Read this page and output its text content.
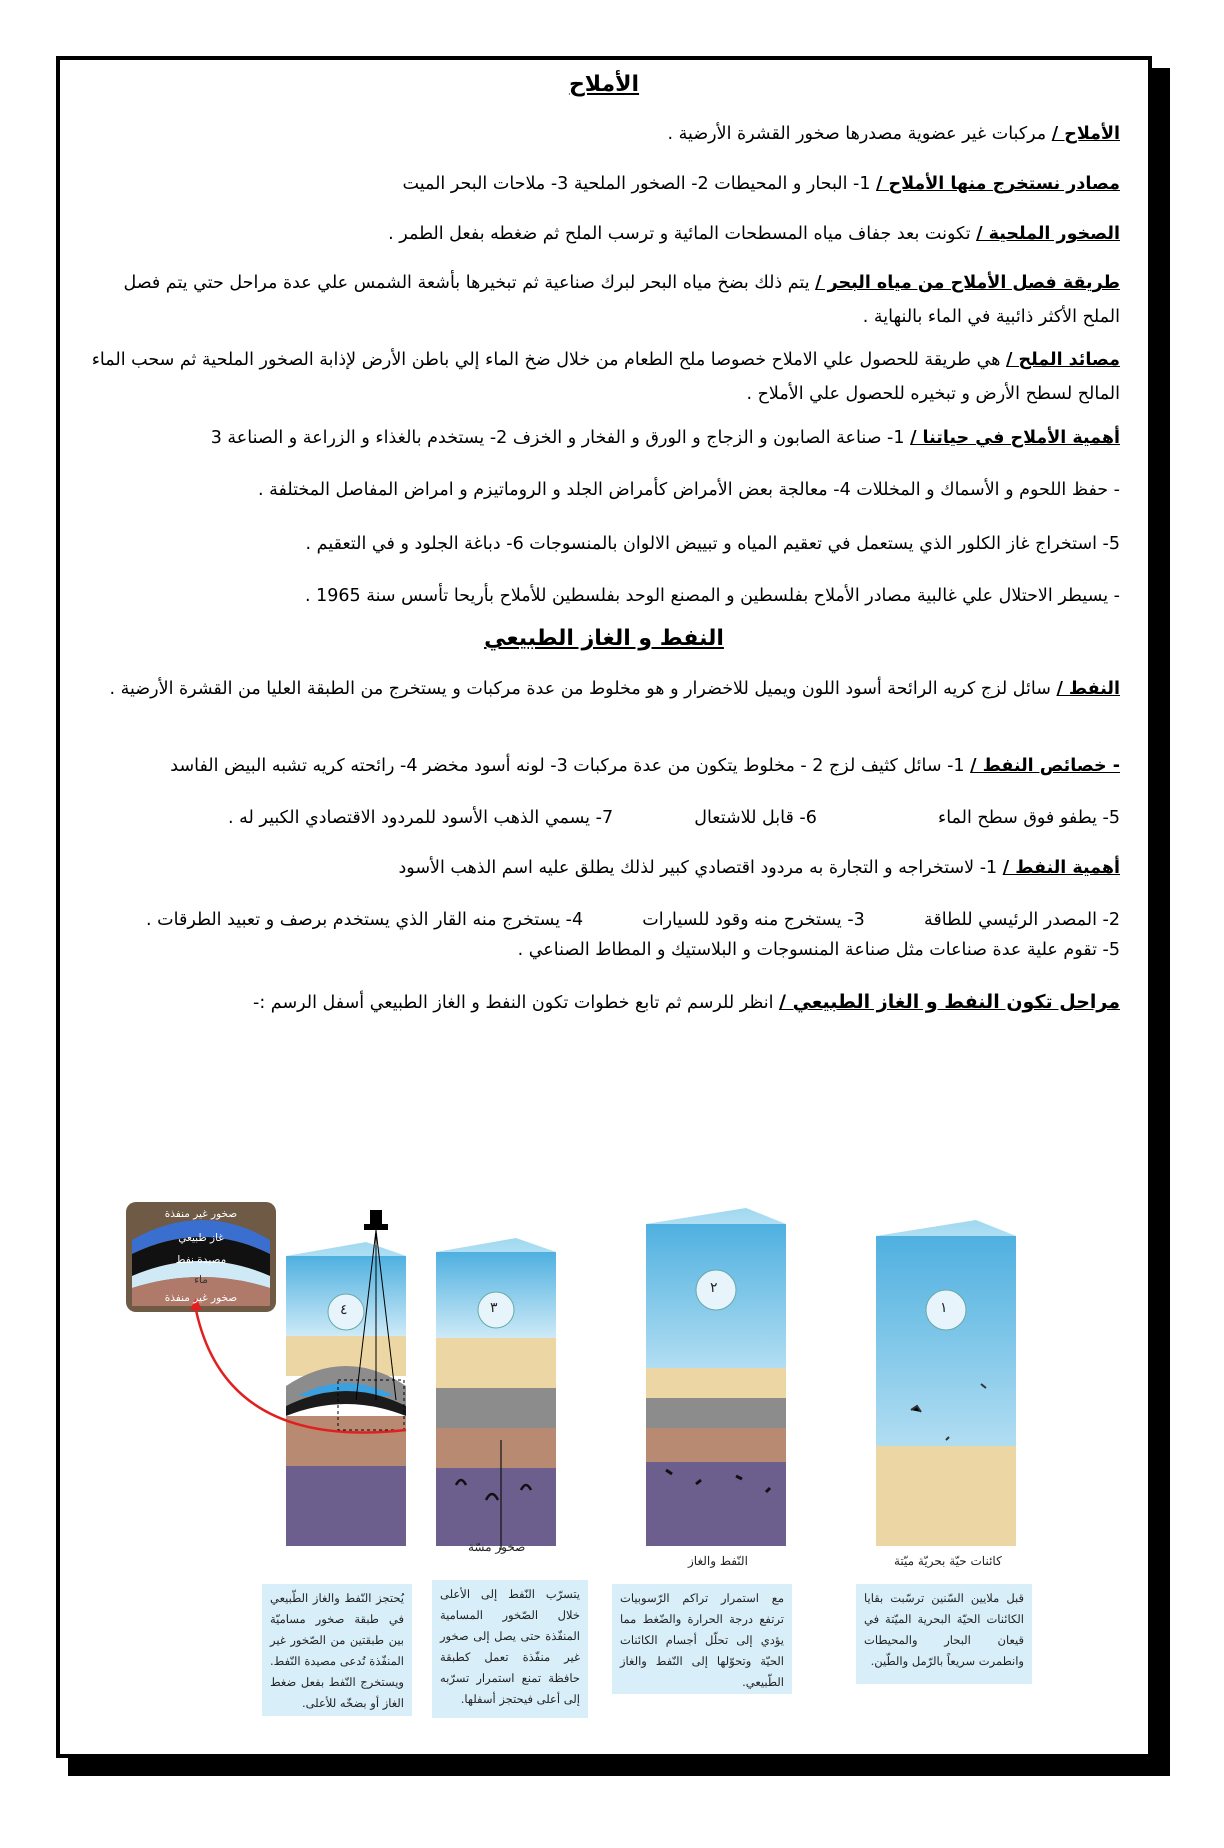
الأملاح
الأملاح / مركبات غير عضوية مصدرها صخور القشرة الأرضية .
مصادر نستخرج منها الأملاح / 1- البحار و المحيطات 2- الصخور الملحية 3- ملاحات البحر الميت
الصخور الملحية / تكونت بعد جفاف مياه المسطحات المائية و ترسب الملح ثم ضغطه بفعل الطمر .
طريقة فصل الأملاح من مياه البحر / يتم ذلك بضخ مياه البحر لبرك صناعية ثم تبخيرها بأشعة الشمس علي عدة مراحل حتي يتم فصل الملح الأكثر ذائبية في الماء بالنهاية .
مصائد الملح / هي طريقة للحصول علي الاملاح خصوصا ملح الطعام من خلال ضخ الماء إلي باطن الأرض لإذابة الصخور الملحية ثم سحب الماء المالح لسطح الأرض و تبخيره للحصول علي الأملاح .
أهمية الأملاح في حياتنا / 1- صناعة الصابون و الزجاج و الورق و الفخار و الخزف 2- يستخدم بالغذاء و الزراعة و الصناعة 3
- حفظ اللحوم و الأسماك و المخللات 4- معالجة بعض الأمراض كأمراض الجلد و الروماتيزم و امراض المفاصل المختلفة .
5- استخراج غاز الكلور الذي يستعمل في تعقيم المياه و تبييض الالوان بالمنسوجات 6- دباغة الجلود و في التعقيم .
- يسيطر الاحتلال علي غالبية مصادر الأملاح بفلسطين و المصنع الوحد بفلسطين للأملاح بأريحا تأسس سنة 1965 .
النفط و الغاز الطبيعي
النفط / سائل لزج كريه الرائحة أسود اللون ويميل للاخضرار و هو مخلوط من عدة مركبات و يستخرج من الطبقة العليا من القشرة الأرضية .
- خصائص النفط / 1- سائل كثيف لزج 2 - مخلوط يتكون من عدة مركبات 3- لونه أسود مخضر 4- رائحته كريه تشبه البيض الفاسد
5- يطفو فوق سطح الماء  6- قابل للاشتعال  7- يسمي الذهب الأسود للمردود الاقتصادي الكبير له .
أهمية النفط / 1- لاستخراجه و التجارة به مردود اقتصادي كبير لذلك يطلق عليه اسم الذهب الأسود
2- المصدر الرئيسي للطاقة  3- يستخرج منه وقود للسيارات  4- يستخرج منه القار الذي يستخدم برصف و تعبيد الطرقات .
5- تقوم علية عدة صناعات مثل صناعة المنسوجات و البلاستيك و المطاط الصناعي .
مراحل تكون النفط و الغاز الطبيعي / انظر للرسم ثم تابع خطوات تكون النفط و الغاز الطبيعي أسفل الرسم :-
١
٢
٣
٤
صخور غير منفذة
غاز طبيعي
مصيدة نفط
ماء
صخور غير منفذة
كائنات حيّة بحريّة ميّتة
النّفط والغاز
صخور مسّة
قبل ملايين السّنين ترسّبت بقايا الكائنات الحيّة البحرية الميّتة في قيعان البحار والمحيطات وانطمرت سريعاً بالرّمل والطّين.
مع استمرار تراكم الرّسوبيات ترتفع درجة الحرارة والضّغط مما يؤدي إلى تحلّل أجسام الكائنات الحيّة وتحوّلها إلى النّفط والغاز الطّبيعي.
يتسرّب النّفط إلى الأعلى خلال الصّخور المسامية المنفّذة حتى يصل إلى صخور غير منفّذة تعمل كطبقة حافظة تمنع استمرار تسرّبه إلى أعلى فيحتجز أسفلها.
يُحتجز النّفط والغاز الطّبيعي في طبقة صخور مساميّة بين طبقتين من الصّخور غير المنفّذة تُدعى مصيدة النّفط. ويستخرج النّفط بفعل ضغط الغاز أو بضخّه للأعلى.
